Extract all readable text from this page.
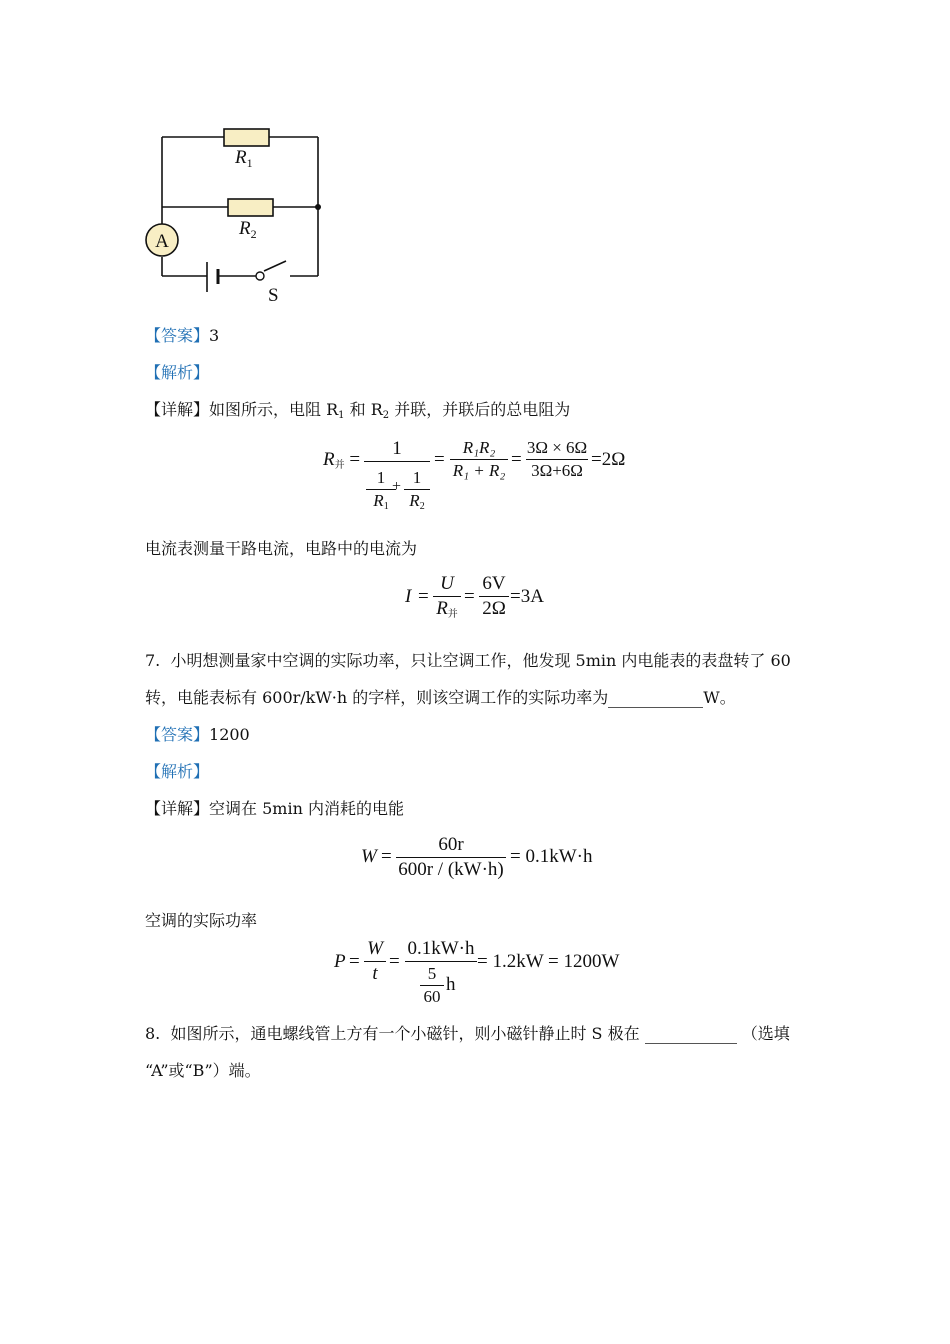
A
$R_1$
$R_2$
S
【答案】3
【解析】
【详解】如图所示，电阻 $R_1$ 和 $R_2$ 并联，并联后的总电阻为
$R_并$ =
1
1
$R_1$
+ 1
$R_2$
=
R₁R₂
R₁ + R₂
=
3Ω × 6Ω
3Ω+6Ω
=2Ω
电流表测量干路电流，电路中的电流为
I =
U
$R_并$
=
6V
2Ω
=3A
7. 小明想测量家中空调的实际功率，只让空调工作，他发现 5min 内电能表的表盘转了 60
转，电能表标有 600r/kW·h 的字样，则该空调工作的实际功率为	W。
【答案】1200
【解析】
【详解】空调在 5min 内消耗的电能
W =
60r
600r / (kW·h)
= 0.1kW·h
空调的实际功率
P =
W
t
=
0.1kW·h
5
60
h
= 1.2kW = 1200W
8. 如图所示，通电螺线管上方有一个小磁针，则小磁针静止时 S 极在	（选填
“A”或“B”）端。
